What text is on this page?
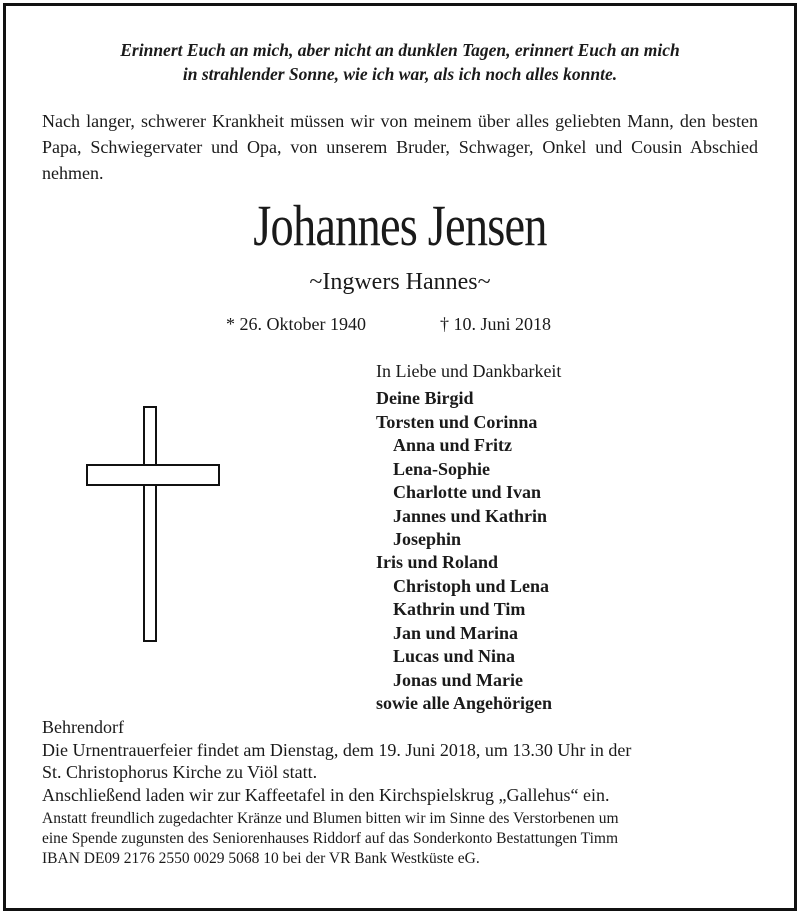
Erinnert Euch an mich, aber nicht an dunklen Tagen, erinnert Euch an mich
in strahlender Sonne, wie ich war, als ich noch alles konnte.
Nach langer, schwerer Krankheit müssen wir von meinem über alles geliebten Mann, den besten Papa, Schwiegervater und Opa, von unserem Bruder, Schwager, Onkel und Cousin Abschied nehmen.
Johannes Jensen
~Ingwers Hannes~
* 26. Oktober 1940	† 10. Juni 2018
In Liebe und Dankbarkeit
Deine Birgid
Torsten und Corinna
Anna und Fritz
Lena-Sophie
Charlotte und Ivan
Jannes und Kathrin
Josephin
Iris und Roland
Christoph und Lena
Kathrin und Tim
Jan und Marina
Lucas und Nina
Jonas und Marie
sowie alle Angehörigen
Behrendorf
Die Urnentrauerfeier findet am Dienstag, dem 19. Juni 2018, um 13.30 Uhr in der
St. Christophorus Kirche zu Viöl statt.
Anschließend laden wir zur Kaffeetafel in den Kirchspielskrug „Gallehus“ ein.
Anstatt freundlich zugedachter Kränze und Blumen bitten wir im Sinne des Verstorbenen um
eine Spende zugunsten des Seniorenhauses Riddorf auf das Sonderkonto Bestattungen Timm
IBAN DE09 2176 2550 0029 5068 10 bei der VR Bank Westküste eG.
